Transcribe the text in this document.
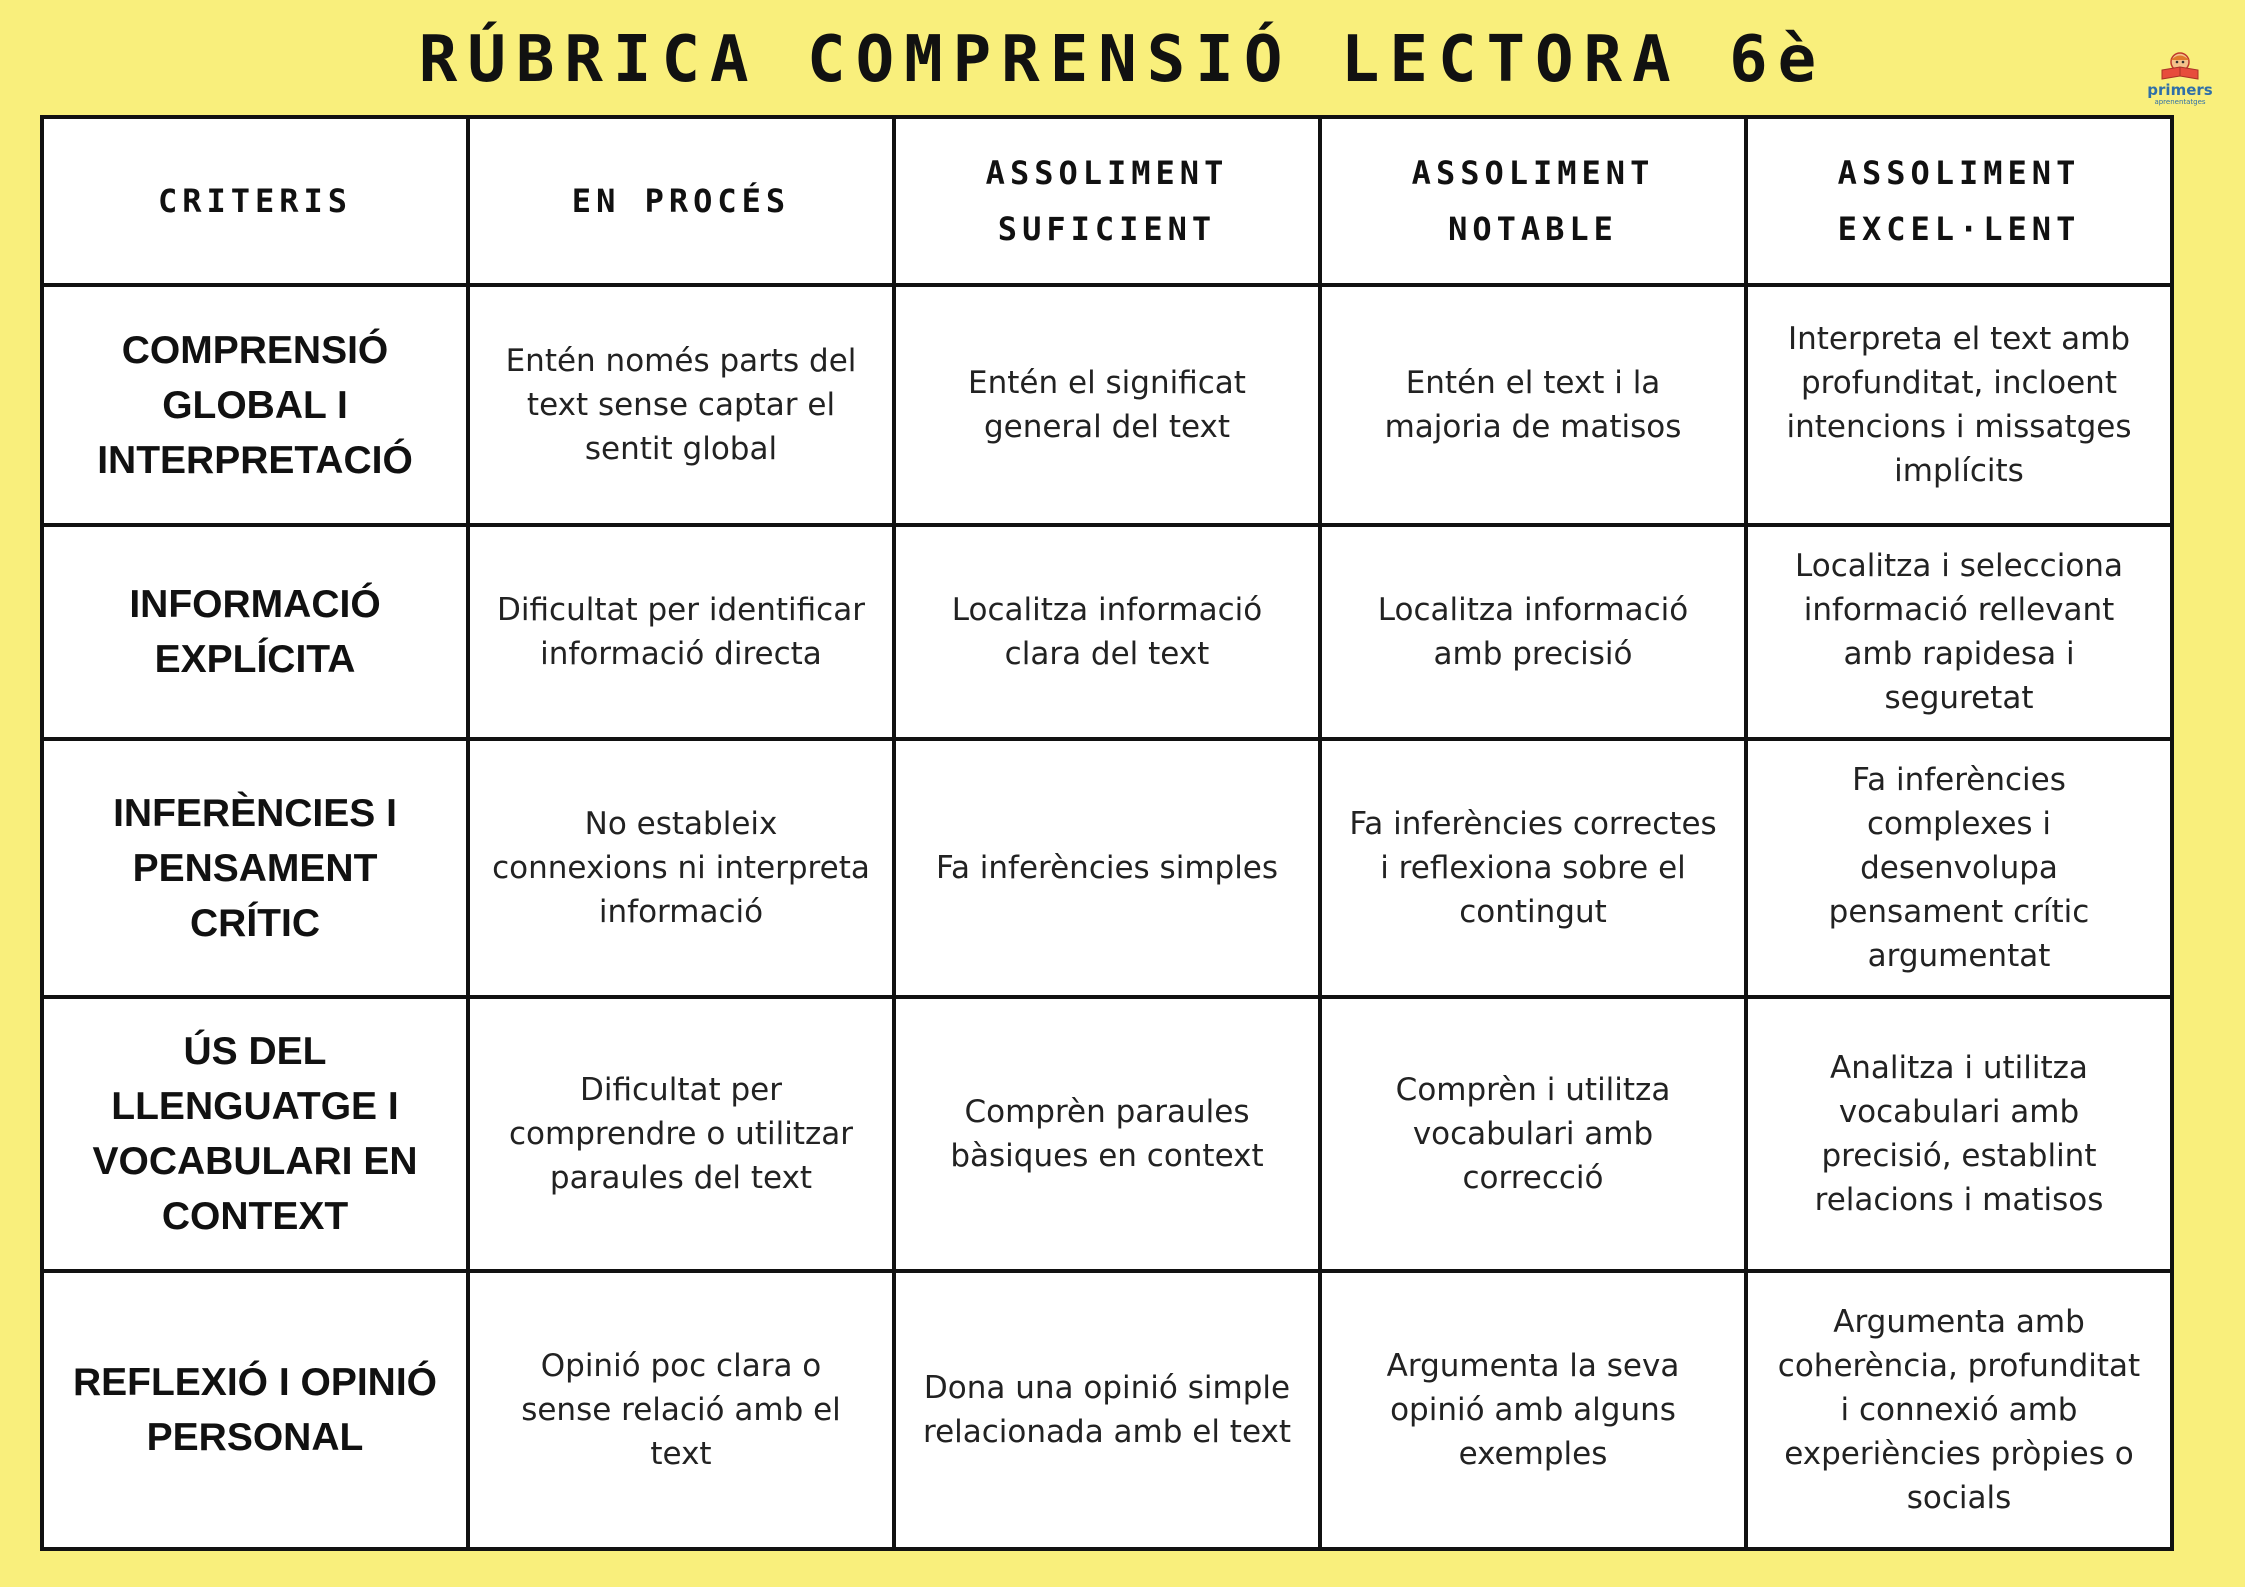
RÚBRICA COMPRENSIÓ LECTORA 6è	primers
aprenentatges
CRITERIS	EN PROCÉS	ASSOLIMENT SUFICIENT	ASSOLIMENT NOTABLE	ASSOLIMENT EXCEL·LENT
COMPRENSIÓ GLOBAL I INTERPRETACIÓ	Entén només parts del text sense captar el sentit global	Entén el significat general del text	Entén el text i la majoria de matisos	Interpreta el text amb profunditat, incloent intencions i missatges implícits
INFORMACIÓ EXPLÍCITA	Dificultat per identificar informació directa	Localitza informació clara del text	Localitza informació amb precisió	Localitza i selecciona informació rellevant amb rapidesa i seguretat
INFERÈNCIES I PENSAMENT CRÍTIC	No estableix connexions ni interpreta informació	Fa inferències simples	Fa inferències correctes i reflexiona sobre el contingut	Fa inferències complexes i desenvolupa pensament crític argumentat
ÚS DEL LLENGUATGE I VOCABULARI EN CONTEXT	Dificultat per comprendre o utilitzar paraules del text	Comprèn paraules bàsiques en context	Comprèn i utilitza vocabulari amb correcció	Analitza i utilitza vocabulari amb precisió, establint relacions i matisos
REFLEXIÓ I OPINIÓ PERSONAL	Opinió poc clara o sense relació amb el text	Dona una opinió simple relacionada amb el text	Argumenta la seva opinió amb alguns exemples	Argumenta amb coherència, profunditat i connexió amb experiències pròpies o socials
